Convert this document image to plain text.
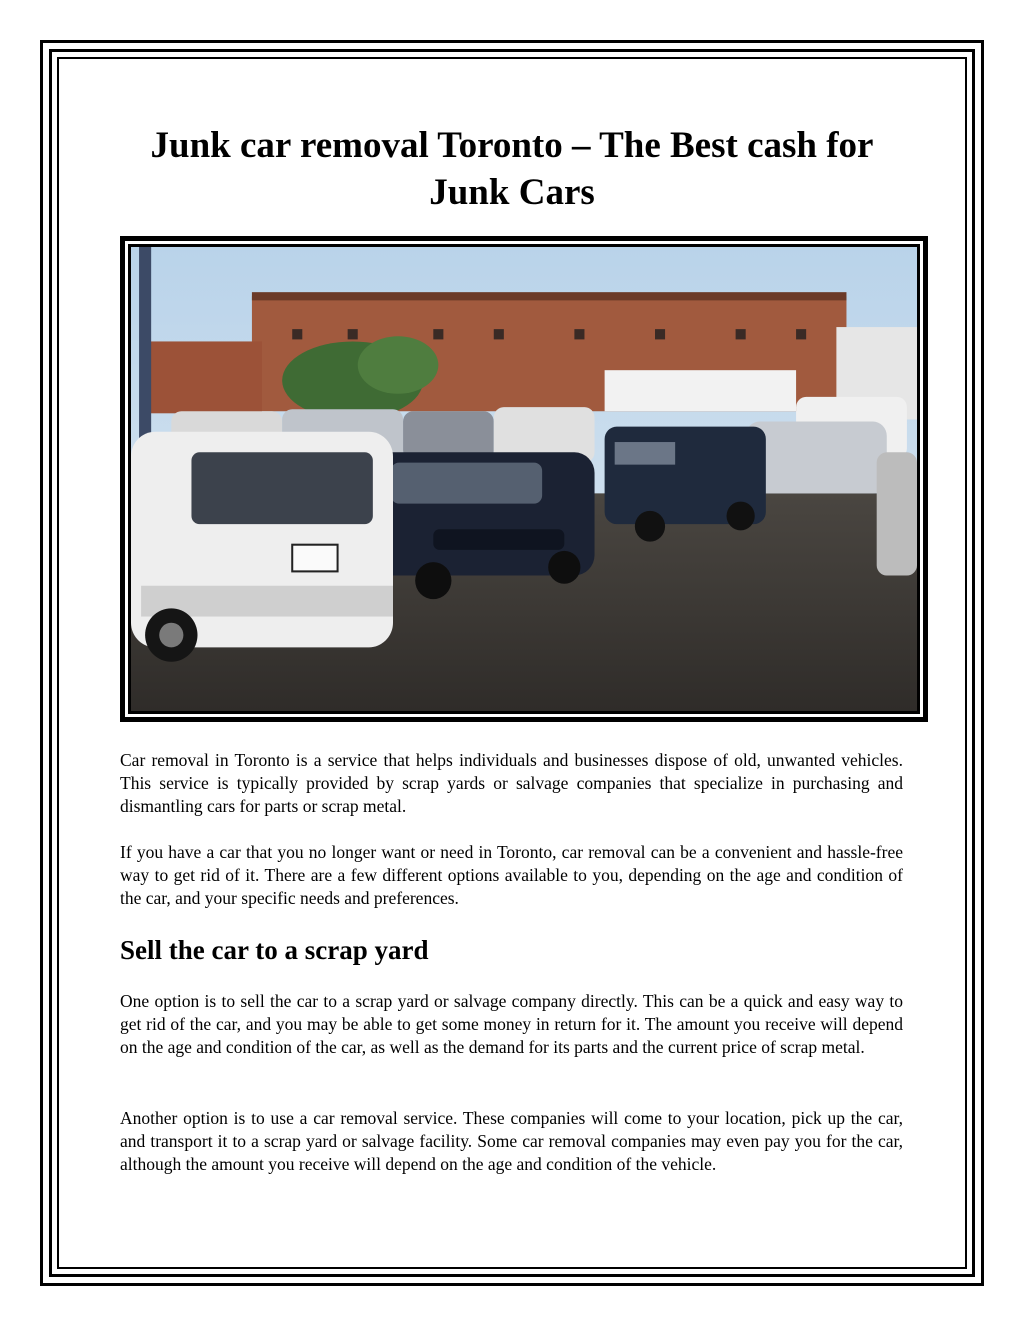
Junk car removal Toronto – The Best cash for Junk Cars

Car removal in Toronto is a service that helps individuals and businesses dispose of old, unwanted vehicles. This service is typically provided by scrap yards or salvage companies that specialize in purchasing and dismantling cars for parts or scrap metal.

If you have a car that you no longer want or need in Toronto, car removal can be a convenient and hassle-free way to get rid of it. There are a few different options available to you, depending on the age and condition of the car, and your specific needs and preferences.

Sell the car to a scrap yard

One option is to sell the car to a scrap yard or salvage company directly. This can be a quick and easy way to get rid of the car, and you may be able to get some money in return for it. The amount you receive will depend on the age and condition of the car, as well as the demand for its parts and the current price of scrap metal.

Another option is to use a car removal service. These companies will come to your location, pick up the car, and transport it to a scrap yard or salvage facility. Some car removal companies may even pay you for the car, although the amount you receive will depend on the age and condition of the vehicle.
